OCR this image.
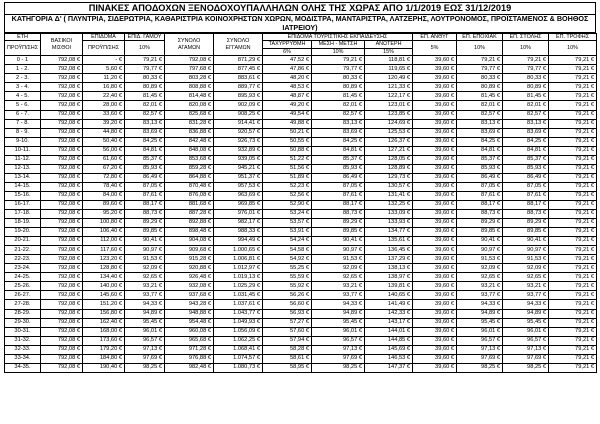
ΠΙΝΑΚΕΣ ΑΠΟΔΟΧΩΝ ΞΕΝΟΔΟΧΟΥΠΑΛΛΗΛΩΝ ΟΛΗΣ ΤΗΣ ΧΩΡΑΣ ΑΠΟ 1/1/2019 ΕΩΣ 31/12/2019
ΚΑΤΗΓΟΡΙΑ Δ' ( ΠΛΥΝΤΡΙΑ, ΣΙΔΕΡΩΤΡΙΑ, ΚΑΘΑΡΙΣΤΡΙΑ ΚΟΙΝΟΧΡΗΣΤΩΝ ΧΩΡΩΝ, ΜΟΔΙΣΤΡΑ, ΜΑΝΤΑΡΙΣΤΡΑ, ΛΑΤΖΕΡΗΣ, ΛΟΥΤΡΟΝΟΜΟΣ, ΠΡΟΪΣΤΑΜΕΝΟΣ & ΒΟΗΘΟΣ ΙΑΤΡΕΙΟΥ)
ΕΤΗ	ΒΑΣΙΚΟΙ
ΜΙΣΘΟΙ	ΕΠΙΔΟΜΑ	ΕΠΙΔ. ΓΑΜΟΥ	ΣΥΝΟΛΟ
ΑΓΑΜΩΝ	ΣΥΝΟΛΟ
ΕΓΓΑΜΩΝ	ΕΠΙΔΟΜΑ ΤΟΥΡΙΣΤΙΚΗΣ ΕΚΠΑΙΔΕΥΣΗΣ			ΕΠ. ΑΝΘΥΓ	ΕΠ. ΕΠΟΧΙΑΚ	ΕΠ. ΣΤΟΛΗΣ	ΕΠ. ΤΡΟΦΗΣ
ΠΡΟΫΠ/ΣΗΣ		ΠΡΟΫΠ/ΣΗΣ	10%			ΤΑΧΥΡΡΥΘΜΗ	ΜΕΣΗ - ΜΕΤΣΗ	ΑΝΩΤΕΡΗ	5%	10%	10%	10%
						6%	10%	15%				
0 - 1	792,08 €	- €	79,21 €	792,08 €	871,29 €	47,52 €	79,21 €	118,81 €	39,60 €	79,21 €	79,21 €	79,21 €
1 - 2.	792,08 €	5,60 €	79,77 €	797,68 €	877,45 €	47,86 €	79,77 €	119,65 €	39,60 €	79,77 €	79,77 €	79,21 €
2 - 3.	792,08 €	11,20 €	80,33 €	803,28 €	883,61 €	48,20 €	80,33 €	120,49 €	39,60 €	80,33 €	80,33 €	79,21 €
3 - 4.	792,08 €	16,80 €	80,89 €	808,88 €	889,77 €	48,53 €	80,89 €	121,33 €	39,60 €	80,89 €	80,89 €	79,21 €
4 - 5.	792,08 €	22,40 €	81,45 €	814,48 €	895,93 €	48,87 €	81,45 €	122,17 €	39,60 €	81,45 €	81,45 €	79,21 €
5 - 6.	792,08 €	28,00 €	82,01 €	820,08 €	902,09 €	49,20 €	82,01 €	123,01 €	39,60 €	82,01 €	82,01 €	79,21 €
6 - 7.	792,08 €	33,60 €	82,57 €	825,68 €	908,25 €	49,54 €	82,57 €	123,85 €	39,60 €	82,57 €	82,57 €	79,21 €
7 - 8.	792,08 €	39,20 €	83,13 €	831,28 €	914,41 €	49,88 €	83,13 €	124,69 €	39,60 €	83,13 €	83,13 €	79,21 €
8 - 9.	792,08 €	44,80 €	83,69 €	836,88 €	920,57 €	50,21 €	83,69 €	125,53 €	39,60 €	83,69 €	83,69 €	79,21 €
9-10.	792,08 €	50,40 €	84,25 €	842,48 €	926,73 €	50,55 €	84,25 €	126,37 €	39,60 €	84,25 €	84,25 €	79,21 €
10-11.	792,08 €	56,00 €	84,81 €	848,08 €	932,89 €	50,88 €	84,81 €	127,21 €	39,60 €	84,81 €	84,81 €	79,21 €
11-12.	792,08 €	61,60 €	85,37 €	853,68 €	939,05 €	51,22 €	85,37 €	128,05 €	39,60 €	85,37 €	85,37 €	79,21 €
12-13.	792,08 €	67,20 €	85,93 €	859,28 €	945,21 €	51,56 €	85,93 €	128,89 €	39,60 €	85,93 €	85,93 €	79,21 €
13-14.	792,08 €	72,80 €	86,49 €	864,88 €	951,37 €	51,89 €	86,49 €	129,73 €	39,60 €	86,49 €	86,49 €	79,21 €
14-15.	792,08 €	78,40 €	87,05 €	870,48 €	957,53 €	52,23 €	87,05 €	130,57 €	39,60 €	87,05 €	87,05 €	79,21 €
15-16.	792,08 €	84,00 €	87,61 €	876,08 €	963,69 €	52,56 €	87,61 €	131,41 €	39,60 €	87,61 €	87,61 €	79,21 €
16-17.	792,08 €	89,60 €	88,17 €	881,68 €	969,85 €	52,90 €	88,17 €	132,25 €	39,60 €	88,17 €	88,17 €	79,21 €
17-18.	792,08 €	95,20 €	88,73 €	887,28 €	976,01 €	53,24 €	88,73 €	133,09 €	39,60 €	88,73 €	88,73 €	79,21 €
18-19.	792,08 €	100,80 €	89,29 €	892,88 €	982,17 €	53,57 €	89,29 €	133,93 €	39,60 €	89,29 €	89,29 €	79,21 €
19-20.	792,08 €	106,40 €	89,85 €	898,48 €	988,33 €	53,91 €	89,85 €	134,77 €	39,60 €	89,85 €	89,85 €	79,21 €
20-21.	792,08 €	112,00 €	90,41 €	904,08 €	994,49 €	54,24 €	90,41 €	135,61 €	39,60 €	90,41 €	90,41 €	79,21 €
21-22.	792,08 €	117,60 €	90,97 €	909,68 €	1.000,65 €	54,58 €	90,97 €	136,45 €	39,60 €	90,97 €	90,97 €	79,21 €
22-23.	792,08 €	123,20 €	91,53 €	915,28 €	1.006,81 €	54,92 €	91,53 €	137,29 €	39,60 €	91,53 €	91,53 €	79,21 €
23-24.	792,08 €	128,80 €	92,09 €	920,88 €	1.012,97 €	55,25 €	92,09 €	138,13 €	39,60 €	92,09 €	92,09 €	79,21 €
24-25.	792,08 €	134,40 €	92,65 €	926,48 €	1.019,13 €	55,59 €	92,65 €	138,97 €	39,60 €	92,65 €	92,65 €	79,21 €
25-26.	792,08 €	140,00 €	93,21 €	932,08 €	1.025,29 €	55,92 €	93,21 €	139,81 €	39,60 €	93,21 €	93,21 €	79,21 €
26-27.	792,08 €	145,60 €	93,77 €	937,68 €	1.031,45 €	56,26 €	93,77 €	140,65 €	39,60 €	93,77 €	93,77 €	79,21 €
27-28.	792,08 €	151,20 €	94,33 €	943,28 €	1.037,61 €	56,60 €	94,33 €	141,49 €	39,60 €	94,33 €	94,33 €	79,21 €
28-29.	792,08 €	156,80 €	94,89 €	948,88 €	1.043,77 €	56,93 €	94,89 €	142,33 €	39,60 €	94,89 €	94,89 €	79,21 €
29-30.	792,08 €	162,40 €	95,45 €	954,48 €	1.049,93 €	57,27 €	95,45 €	143,17 €	39,60 €	95,45 €	95,45 €	79,21 €
30-31.	792,08 €	168,00 €	96,01 €	960,08 €	1.056,09 €	57,60 €	96,01 €	144,01 €	39,60 €	96,01 €	96,01 €	79,21 €
31-32.	792,08 €	173,60 €	96,57 €	965,68 €	1.062,25 €	57,94 €	96,57 €	144,85 €	39,60 €	96,57 €	96,57 €	79,21 €
32-33.	792,08 €	179,20 €	97,13 €	971,28 €	1.068,41 €	58,28 €	97,13 €	145,69 €	39,60 €	97,13 €	97,13 €	79,21 €
33-34.	792,08 €	184,80 €	97,69 €	976,88 €	1.074,57 €	58,61 €	97,69 €	146,53 €	39,60 €	97,69 €	97,69 €	79,21 €
34-35.	792,08 €	190,40 €	98,25 €	982,48 €	1.080,73 €	58,95 €	98,25 €	147,37 €	39,60 €	98,25 €	98,25 €	79,21 €
